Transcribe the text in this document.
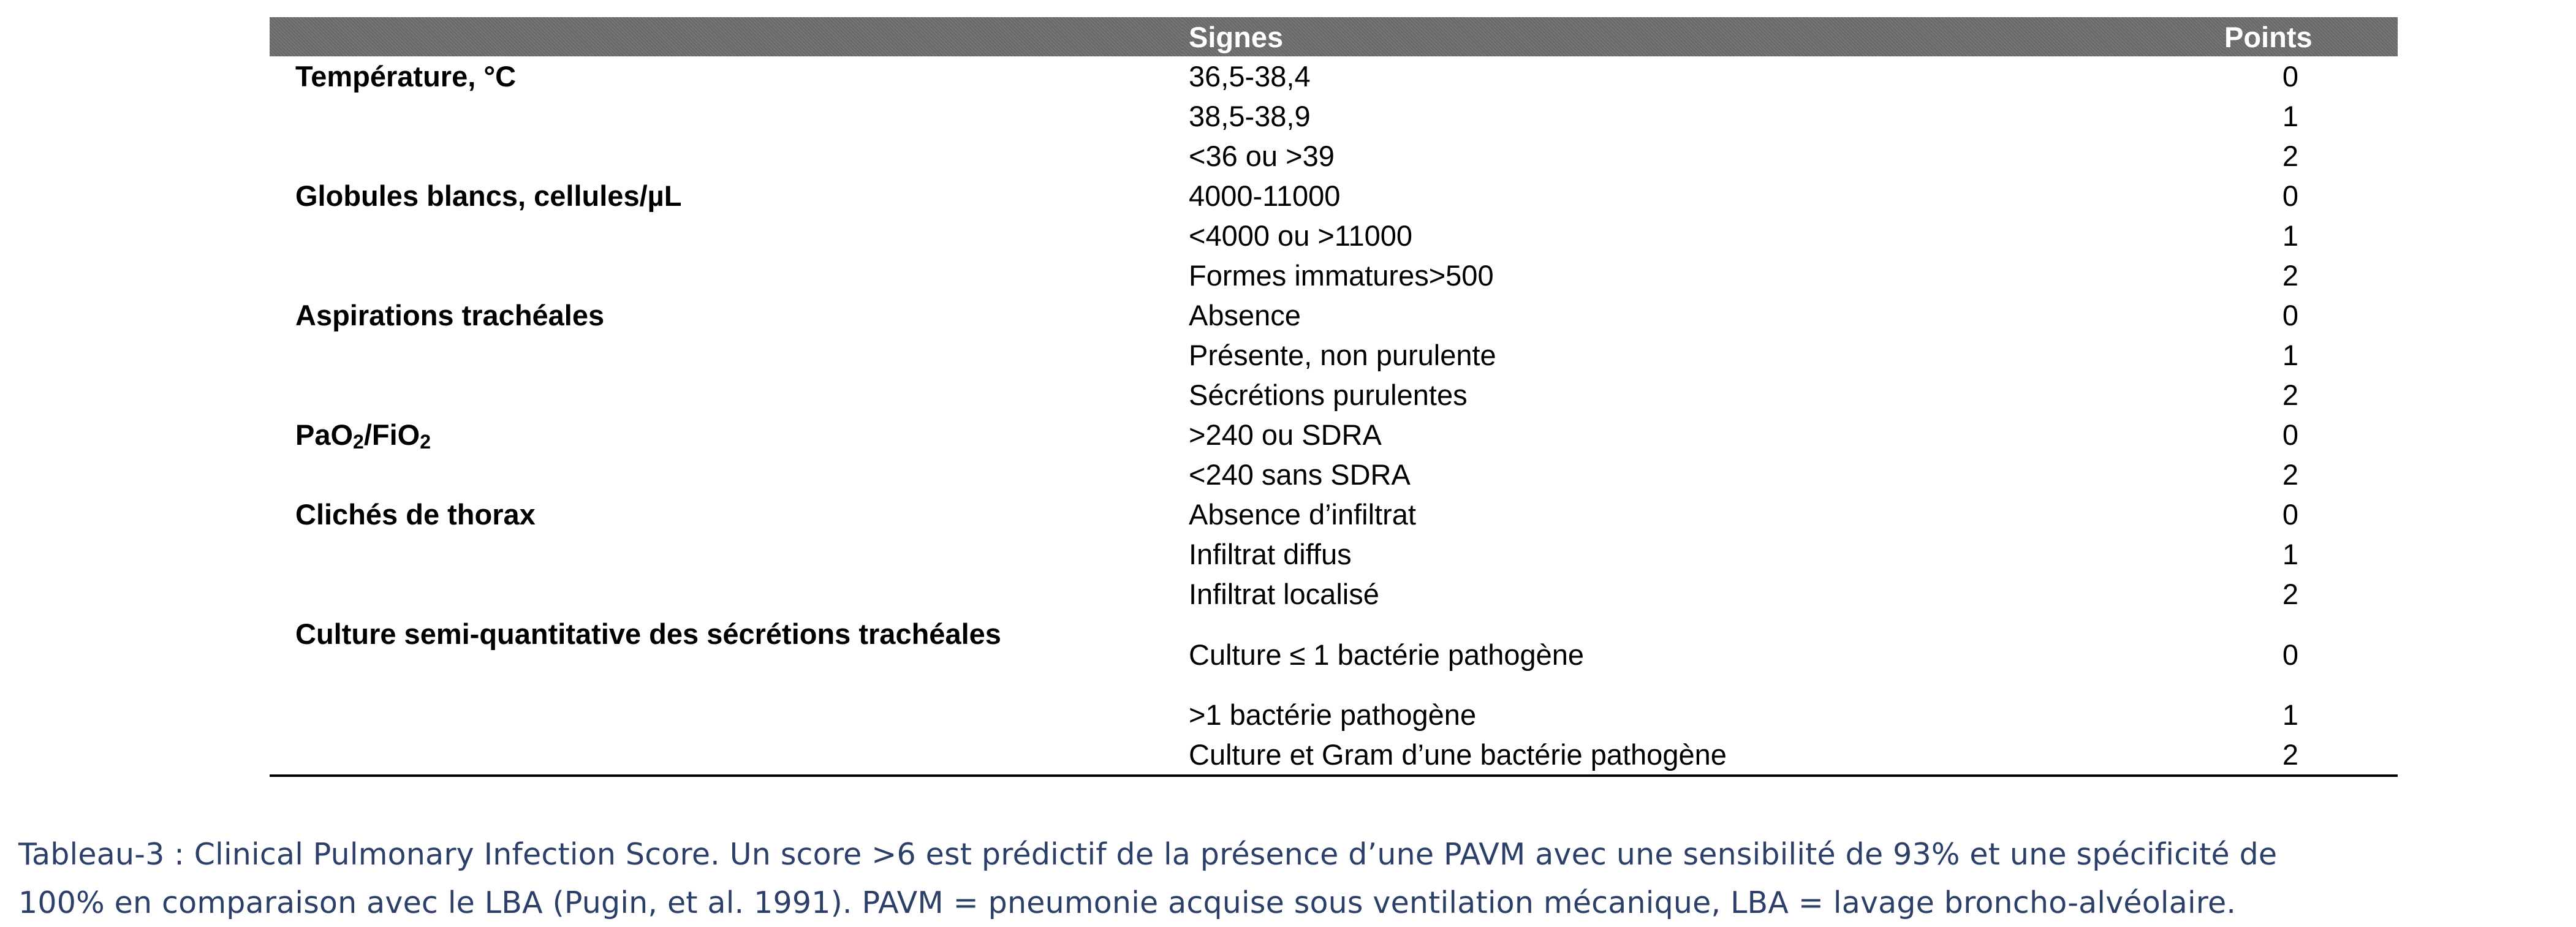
	Signes	Points
Température, °C	36,5-38,4	0
	38,5-38,9	1
	<36 ou >39	2
Globules blancs, cellules/µL	4000-11000	0
	<4000 ou >11000	1
	Formes immatures>500	2
Aspirations trachéales	Absence	0
	Présente, non purulente	1
	Sécrétions purulentes	2
PaO$_2$/FiO$_2$	>240 ou SDRA	0
	<240 sans SDRA	2
Clichés de thorax	Absence d’infiltrat	0
	Infiltrat diffus	1
	Infiltrat localisé	2
Culture semi-quantitative des sécrétions trachéales	Culture ≤ 1 bactérie pathogène	0
	>1 bactérie pathogène	1
	Culture et Gram d’une bactérie pathogène	2

Tableau-3 : Clinical Pulmonary Infection Score. Un score >6 est prédictif de la présence d’une PAVM avec une sensibilité de 93% et une spécificité de

100% en comparaison avec le LBA (Pugin, et al. 1991). PAVM = pneumonie acquise sous ventilation mécanique, LBA = lavage broncho-alvéolaire.
